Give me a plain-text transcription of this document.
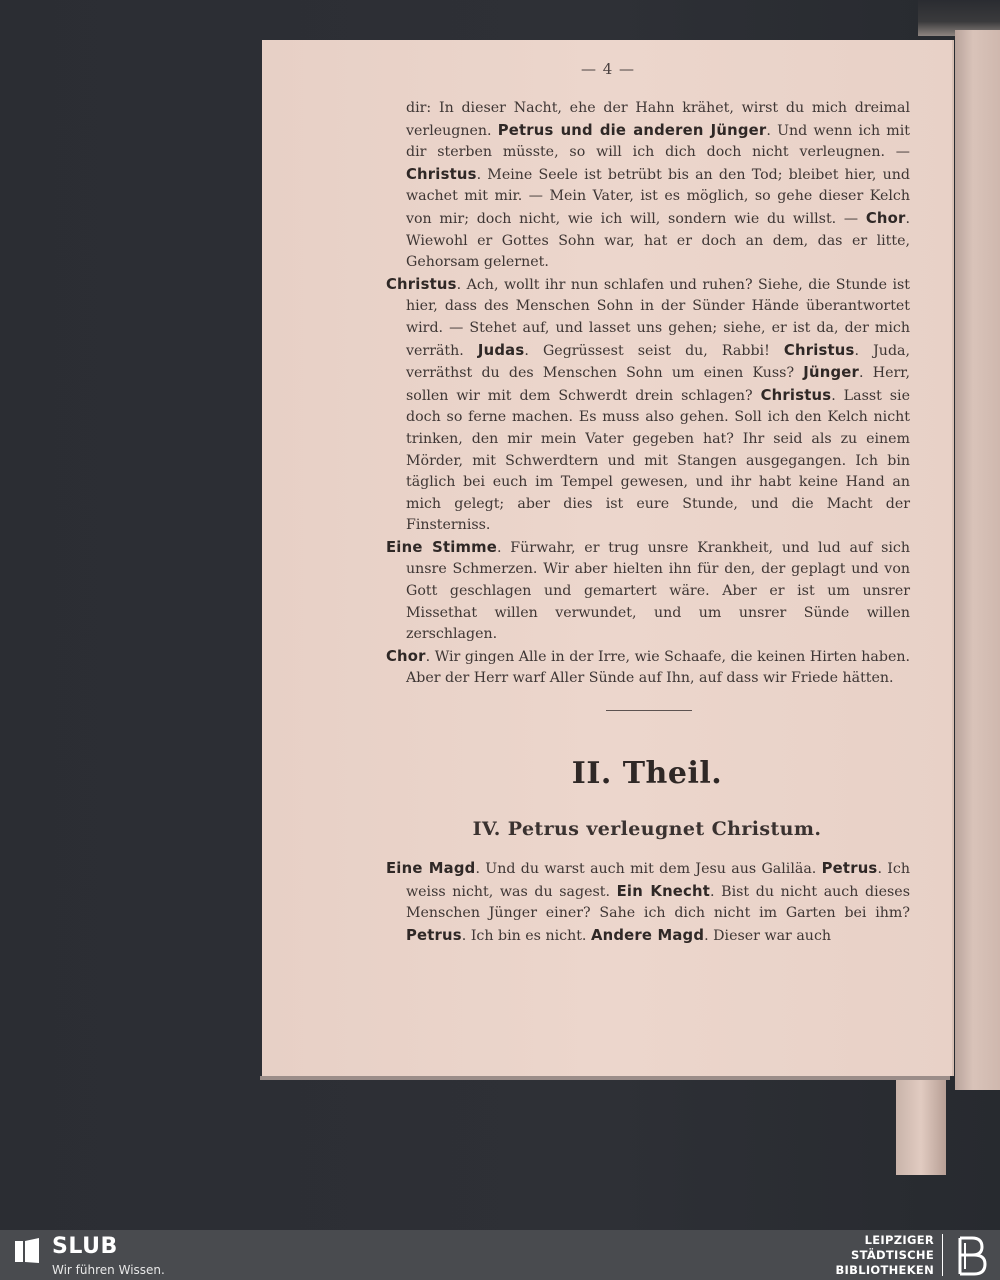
— 4 —

dir: In dieser Nacht, ehe der Hahn krähet, wirst du mich dreimal verleugnen. Petrus und die anderen Jünger. Und wenn ich mit dir sterben müsste, so will ich dich doch nicht verleugnen. — Christus. Meine Seele ist betrübt bis an den Tod; bleibet hier, und wachet mit mir. — Mein Vater, ist es möglich, so gehe dieser Kelch von mir; doch nicht, wie ich will, sondern wie du willst. — Chor. Wiewohl er Gottes Sohn war, hat er doch an dem, das er litte, Gehorsam gelernet.

Christus. Ach, wollt ihr nun schlafen und ruhen? Siehe, die Stunde ist hier, dass des Menschen Sohn in der Sünder Hände überantwortet wird. — Stehet auf, und lasset uns gehen; siehe, er ist da, der mich verräth. Judas. Gegrüssest seist du, Rabbi! Christus. Juda, verräthst du des Menschen Sohn um einen Kuss? Jünger. Herr, sollen wir mit dem Schwerdt drein schlagen? Christus. Lasst sie doch so ferne machen. Es muss also gehen. Soll ich den Kelch nicht trinken, den mir mein Vater gegeben hat? Ihr seid als zu einem Mörder, mit Schwerdtern und mit Stangen ausgegangen. Ich bin täglich bei euch im Tempel gewesen, und ihr habt keine Hand an mich gelegt; aber dies ist eure Stunde, und die Macht der Finsterniss.

Eine Stimme. Fürwahr, er trug unsre Krankheit, und lud auf sich unsre Schmerzen. Wir aber hielten ihn für den, der geplagt und von Gott geschlagen und gemartert wäre. Aber er ist um unsrer Missethat willen verwundet, und um unsrer Sünde willen zerschlagen.

Chor. Wir gingen Alle in der Irre, wie Schaafe, die keinen Hirten haben. Aber der Herr warf Aller Sünde auf Ihn, auf dass wir Friede hätten.

II. Theil.
IV. Petrus verleugnet Christum.

Eine Magd. Und du warst auch mit dem Jesu aus Galiläa. Petrus. Ich weiss nicht, was du sagest. Ein Knecht. Bist du nicht auch dieses Menschen Jünger einer? Sahe ich dich nicht im Garten bei ihm? Petrus. Ich bin es nicht. Andere Magd. Dieser war auch

SLUB
Wir führen Wissen.
LEIPZIGER
STÄDTISCHE
BIBLIOTHEKEN
